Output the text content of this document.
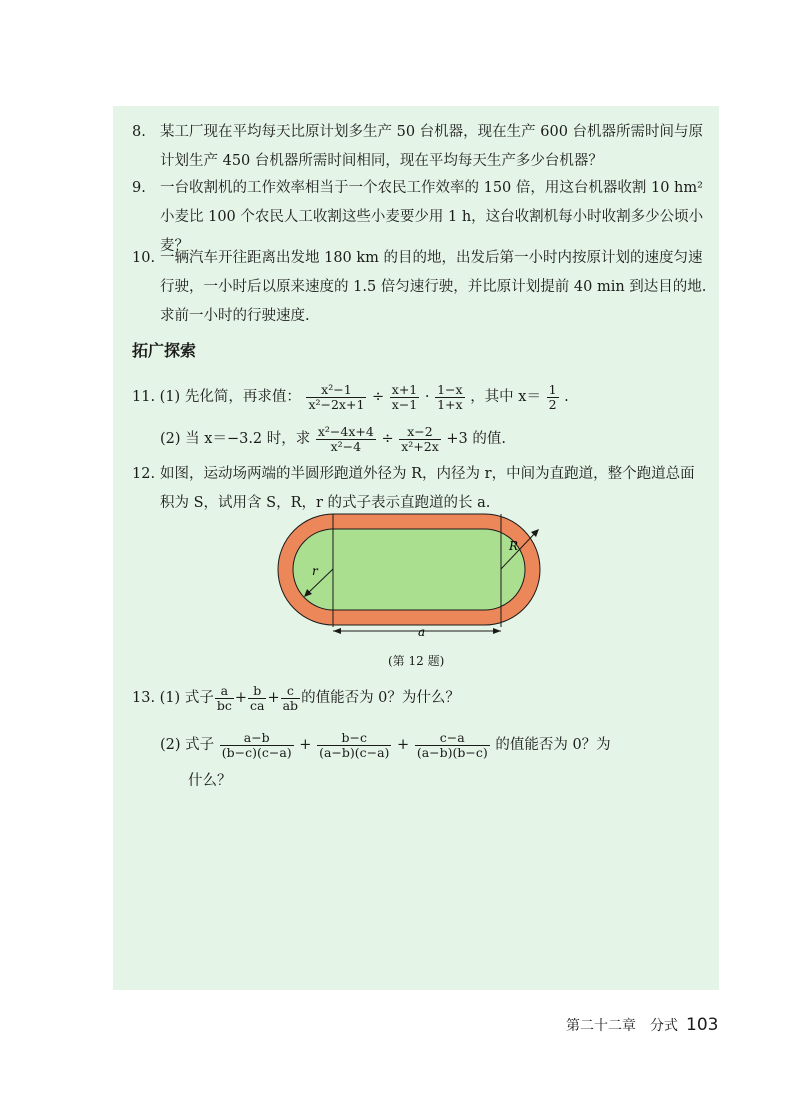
8. 某工厂现在平均每天比原计划多生产 50 台机器，现在生产 600 台机器所需时间与原计划生产 450 台机器所需时间相同，现在平均每天生产多少台机器？
9. 一台收割机的工作效率相当于一个农民工作效率的 150 倍，用这台机器收割 10 hm² 小麦比 100 个农民人工收割这些小麦要少用 1 h，这台收割机每小时收割多少公顷小麦？
10. 一辆汽车开往距离出发地 180 km 的目的地，出发后第一小时内按原计划的速度匀速行驶，一小时后以原来速度的 1.5 倍匀速行驶，并比原计划提前 40 min 到达目的地. 求前一小时的行驶速度.
拓广探索
11. (1) 先化简，再求值： $\frac{\text{x²−1}}{\text{x²−2x+1}} \div \frac{x+1}{x-1} \cdot \frac{1-x}{1+x}$ ，其中 $x= \frac{1}{2}$ .
(2) 当 x＝−3.2 时，求 $\frac{\text{x²−4x+4}}{\text{x²−4}} \div \frac{x-2}{\text{x²+2x}} +3$ 的值.
12. 如图，运动场两端的半圆形跑道外径为 R，内径为 r，中间为直跑道，整个跑道总面积为 S，试用含 S，R，r 的式子表示直跑道的长 a.
r
R
a
(第 12 题)
13. (1) 式子 $\frac{a}{bc} + \frac{b}{ca} + \frac{c}{ab}$ 的值能否为 0？为什么？
(2) 式子 $\frac{a-b}{(b-c)(c-a)} + \frac{b-c}{(a-b)(c-a)} + \frac{c-a}{(a-b)(b-c)}$ 的值能否为 0？为
什么？
第二十二章　分式 103
